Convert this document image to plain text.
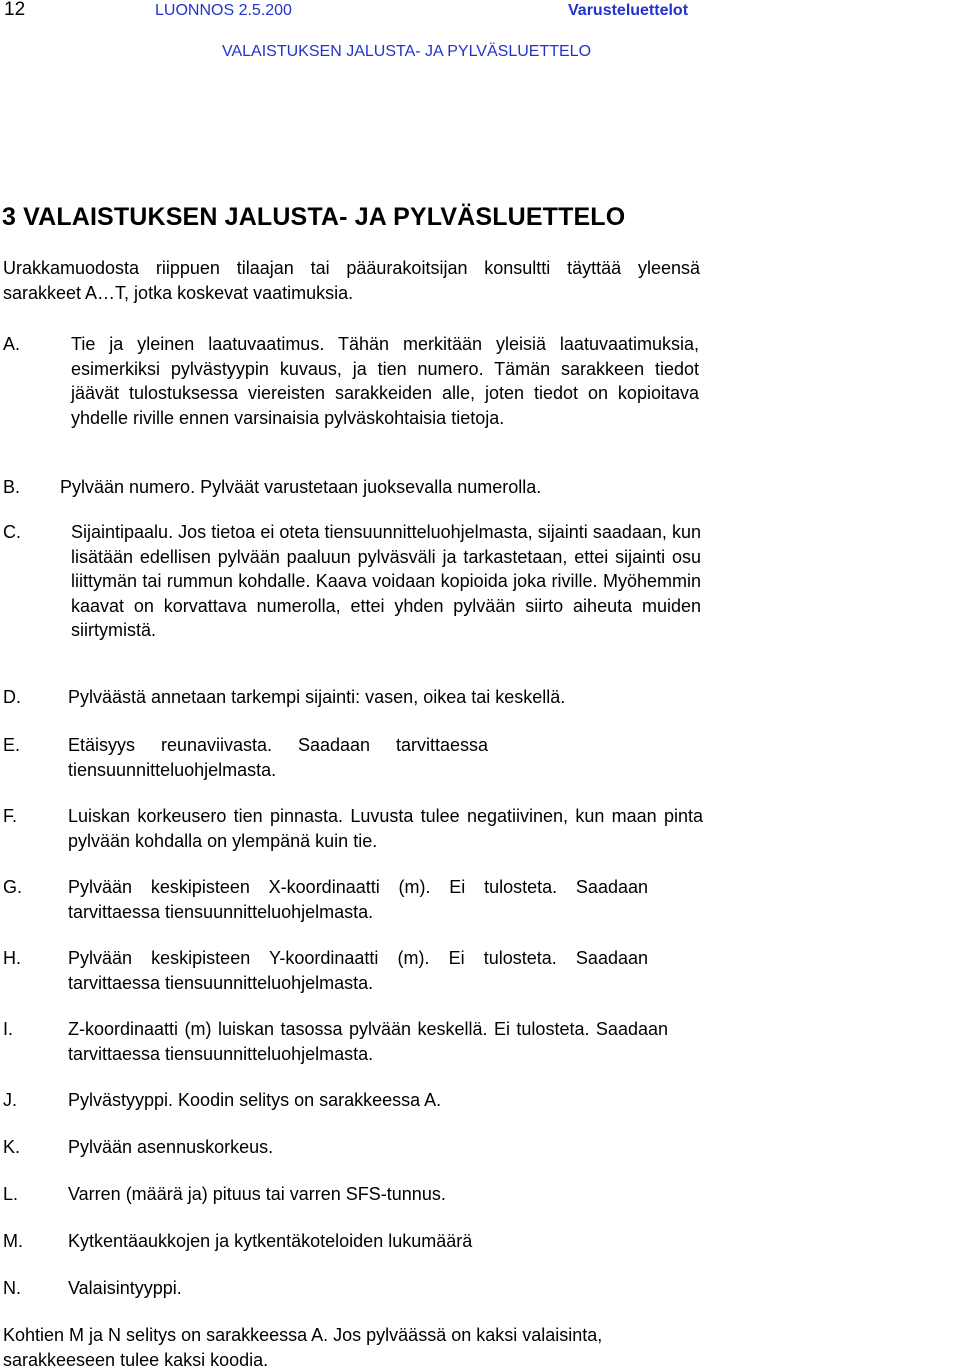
12	LUONNOS 2.5.200	Varusteluettelot
VALAISTUKSEN JALUSTA- JA PYLVÄSLUETTELO
3 VALAISTUKSEN JALUSTA- JA PYLVÄSLUETTELO
Urakkamuodosta riippuen tilaajan tai pääurakoitsijan konsultti täyttää yleensä sarakkeet A…T, jotka koskevat vaatimuksia.
A.	Tie ja yleinen laatuvaatimus. Tähän merkitään yleisiä laatuvaatimuksia, esimerkiksi pylvästyypin kuvaus, ja tien numero. Tämän sarakkeen tiedot jäävät tulostuksessa viereisten sarakkeiden alle, joten tiedot on kopioitava yhdelle riville ennen varsinaisia pylväskohtaisia tietoja.
B. Pylvään numero. Pylväät varustetaan juoksevalla numerolla.
C.	Sijaintipaalu. Jos tietoa ei oteta tiensuunnitteluohjelmasta, sijainti saadaan, kun lisätään edellisen pylvään paaluun pylväsväli ja tarkastetaan, ettei sijainti osu liittymän tai rummun kohdalle. Kaava voidaan kopioida joka riville. Myöhemmin kaavat on korvattava numerolla, ettei yhden pylvään siirto aiheuta muiden siirtymistä.
D.	Pylväästä annetaan tarkempi sijainti: vasen, oikea tai keskellä.
E.	Etäisyys reunaviivasta. Saadaan tarvittaessa tiensuunnitteluohjelmasta.
F.	Luiskan korkeusero tien pinnasta. Luvusta tulee negatiivinen, kun maan pinta pylvään kohdalla on ylempänä kuin tie.
G.	Pylvään keskipisteen X-koordinaatti (m). Ei tulosteta. Saadaan tarvittaessa tiensuunnitteluohjelmasta.
H.	Pylvään keskipisteen Y-koordinaatti (m). Ei tulosteta. Saadaan tarvittaessa tiensuunnitteluohjelmasta.
I.	Z-koordinaatti (m) luiskan tasossa pylvään keskellä. Ei tulosteta. Saadaan tarvittaessa tiensuunnitteluohjelmasta.
J.	Pylvästyyppi. Koodin selitys on sarakkeessa A.
K.	Pylvään asennuskorkeus.
L.	Varren (määrä ja) pituus tai varren SFS-tunnus.
M.	Kytkentäaukkojen ja kytkentäkoteloiden lukumäärä
N.	Valaisintyyppi.
Kohtien M ja N selitys on sarakkeessa A. Jos pylväässä on kaksi valaisinta, sarakkeeseen tulee kaksi koodia.
